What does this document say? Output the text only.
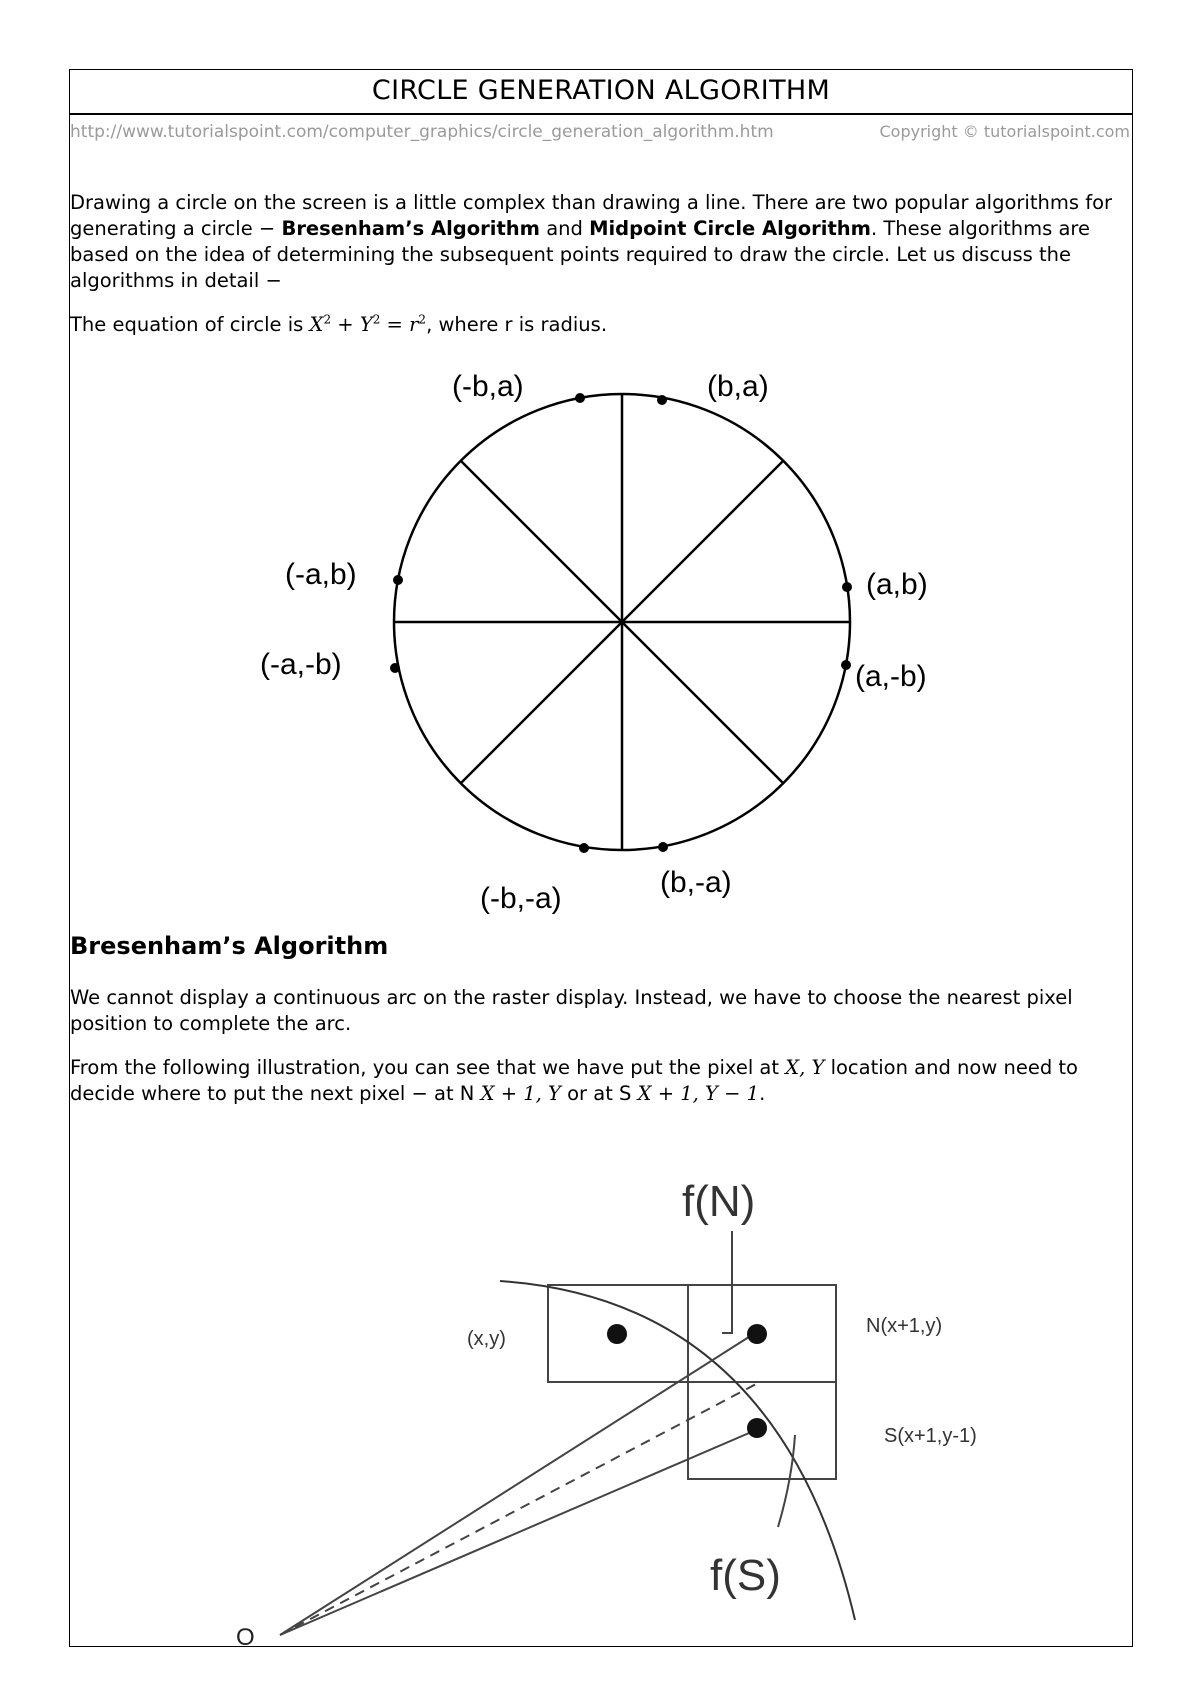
CIRCLE GENERATION ALGORITHM
http://www.tutorialspoint.com/computer_graphics/circle_generation_algorithm.htm	Copyright © tutorialspoint.com

Drawing a circle on the screen is a little complex than drawing a line. There are two popular algorithms for generating a circle − Bresenham’s Algorithm and Midpoint Circle Algorithm. These algorithms are based on the idea of determining the subsequent points required to draw the circle. Let us discuss the algorithms in detail −

The equation of circle is $X^2 + Y^2 = r^2$, where r is radius.

Bresenham’s Algorithm

We cannot display a continuous arc on the raster display. Instead, we have to choose the nearest pixel position to complete the arc.

From the following illustration, you can see that we have put the pixel at X, Y location and now need to decide where to put the next pixel − at N X + 1, Y or at S X + 1, Y − 1.

(-b,a)	(b,a)
(-a,b)	(a,b)
(-a,-b)	(a,-b)
(-b,-a)	(b,-a)
f(N)
f(S)
(x,y)
N(x+1,y)
S(x+1,y-1)
O
